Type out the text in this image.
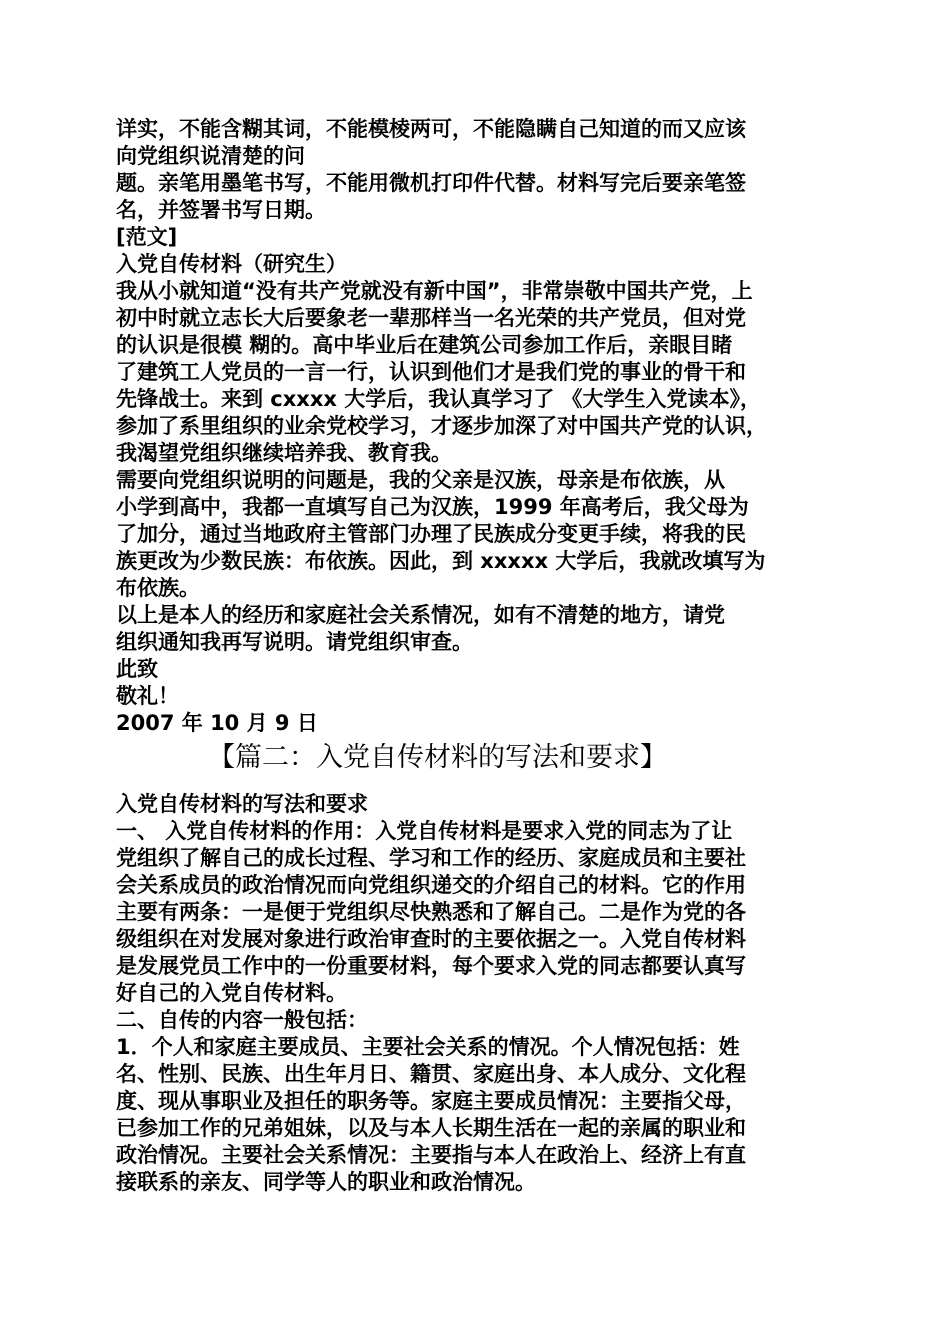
详实，不能含糊其词，不能模棱两可，不能隐瞒自己知道的而又应该
向党组织说清楚的问
题。亲笔用墨笔书写，不能用微机打印件代替。材料写完后要亲笔签
名，并签署书写日期。
[范文]
入党自传材料（研究生）
我从小就知道“没有共产党就没有新中国”，非常崇敬中国共产党，上
初中时就立志长大后要象老一辈那样当一名光荣的共产党员，但对党
的认识是很模 糊的。高中毕业后在建筑公司参加工作后，亲眼目睹
了建筑工人党员的一言一行，认识到他们才是我们党的事业的骨干和
先锋战士。来到 cxxxx 大学后，我认真学习了 《大学生入党读本》，
参加了系里组织的业余党校学习，才逐步加深了对中国共产党的认识，
我渴望党组织继续培养我、教育我。
需要向党组织说明的问题是，我的父亲是汉族，母亲是布依族，从
小学到高中，我都一直填写自己为汉族，1999 年高考后，我父母为
了加分，通过当地政府主管部门办理了民族成分变更手续，将我的民
族更改为少数民族：布依族。因此，到 xxxxx 大学后，我就改填写为
布依族。
以上是本人的经历和家庭社会关系情况，如有不清楚的地方，请党
组织通知我再写说明。请党组织审查。
此致
敬礼！
2007 年 10 月 9 日
【篇二：入党自传材料的写法和要求】
入党自传材料的写法和要求
一、 入党自传材料的作用：入党自传材料是要求入党的同志为了让
党组织了解自己的成长过程、学习和工作的经历、家庭成员和主要社
会关系成员的政治情况而向党组织递交的介绍自己的材料。它的作用
主要有两条：一是便于党组织尽快熟悉和了解自己。二是作为党的各
级组织在对发展对象进行政治审查时的主要依据之一。入党自传材料
是发展党员工作中的一份重要材料，每个要求入党的同志都要认真写
好自己的入党自传材料。
二、自传的内容一般包括：
1．个人和家庭主要成员、主要社会关系的情况。个人情况包括：姓
名、性别、民族、出生年月日、籍贯、家庭出身、本人成分、文化程
度、现从事职业及担任的职务等。家庭主要成员情况：主要指父母，
已参加工作的兄弟姐妹，以及与本人长期生活在一起的亲属的职业和
政治情况。主要社会关系情况：主要指与本人在政治上、经济上有直
接联系的亲友、同学等人的职业和政治情况。
